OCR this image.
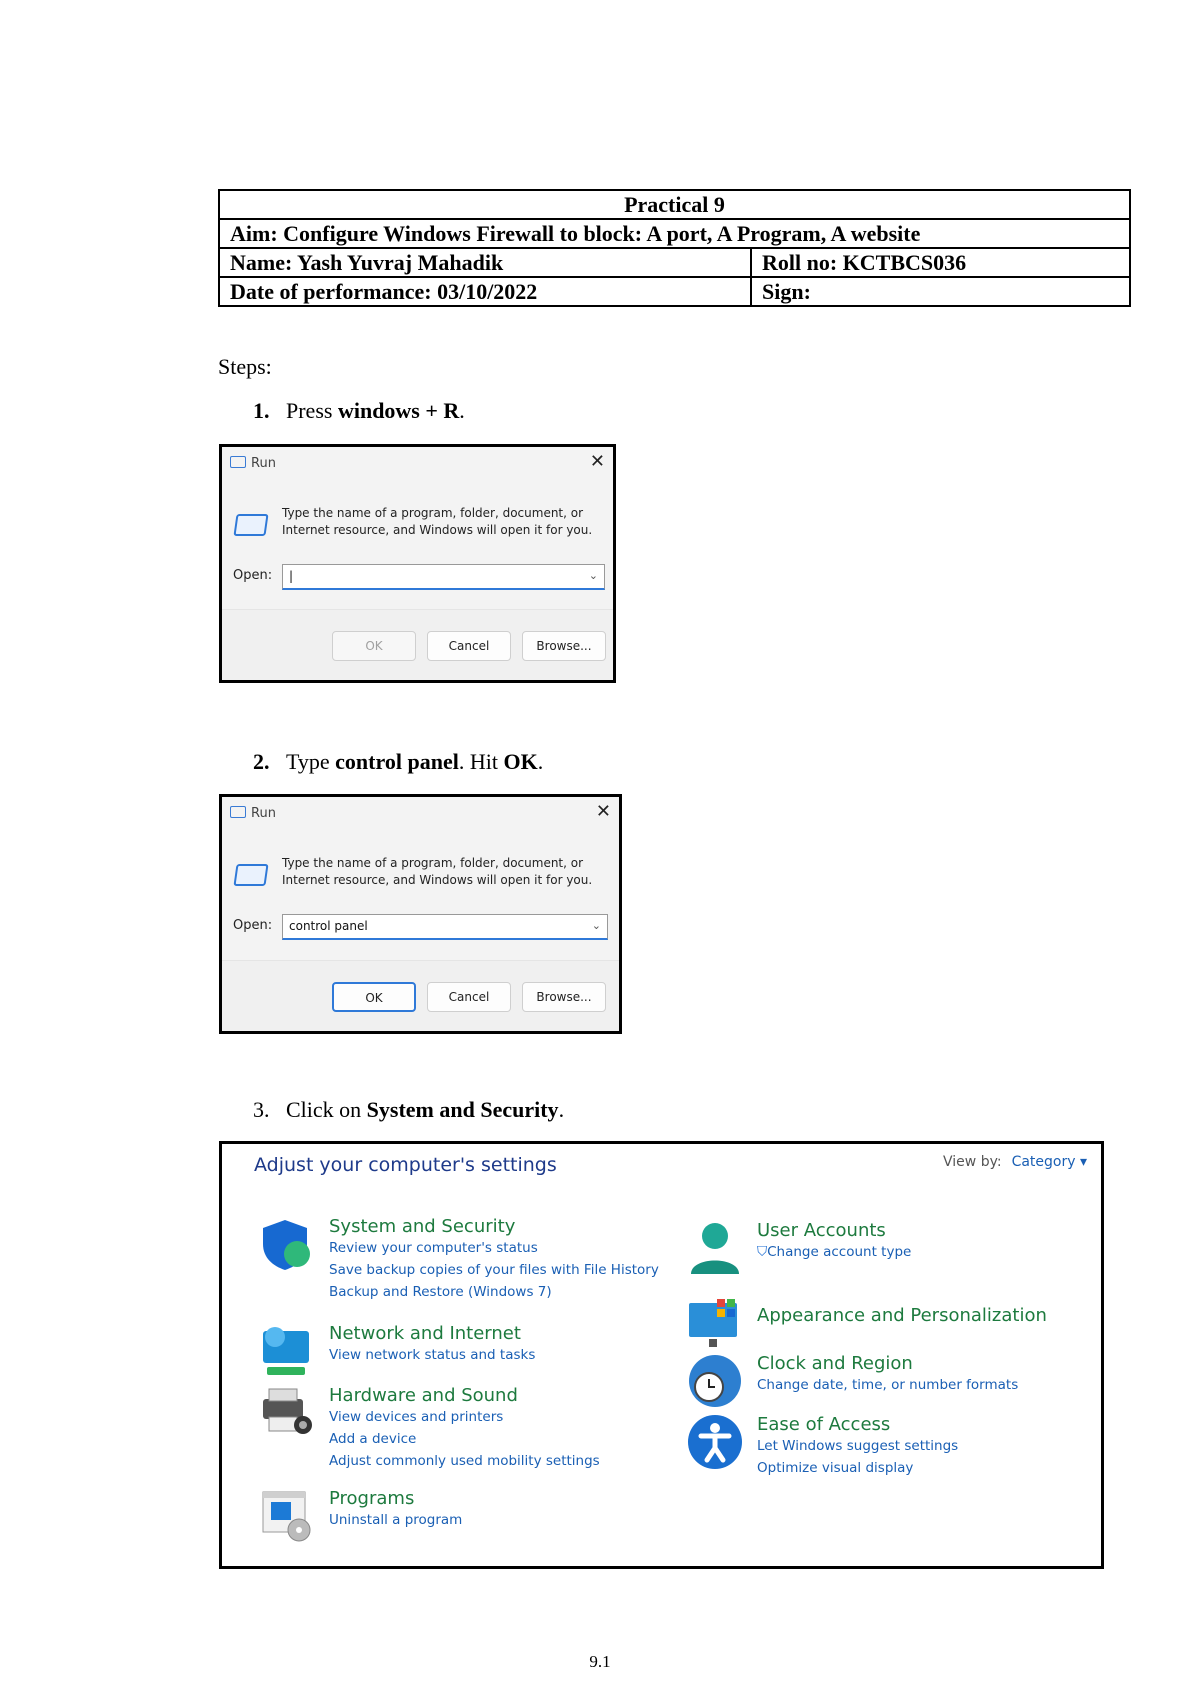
Practical 9	
Aim: Configure Windows Firewall to block: A port, A Program, A website	
Name: Yash Yuvraj Mahadik	Roll no: KCTBCS036
Date of performance: 03/10/2022	Sign:
Steps:
1. Press windows + R.
Run	✕
Type the name of a program, folder, document, or
Internet resource, and Windows will open it for you.
Open:	|	⌄
OK	Cancel	Browse...
2. Type control panel. Hit OK.
Run	✕
Type the name of a program, folder, document, or
Internet resource, and Windows will open it for you.
Open:	control panel	⌄
OK	Cancel	Browse...
3. Click on System and Security.
Adjust your computer's settings	View by: Category ▾
System and Security
Review your computer's status
Save backup copies of your files with File History
Backup and Restore (Windows 7)
Network and Internet
View network status and tasks
Hardware and Sound
View devices and printers
Add a device
Adjust commonly used mobility settings
Programs
Uninstall a program
User Accounts
⛉Change account type
Appearance and Personalization
Clock and Region
Change date, time, or number formats
Ease of Access
Let Windows suggest settings
Optimize visual display
9.1
